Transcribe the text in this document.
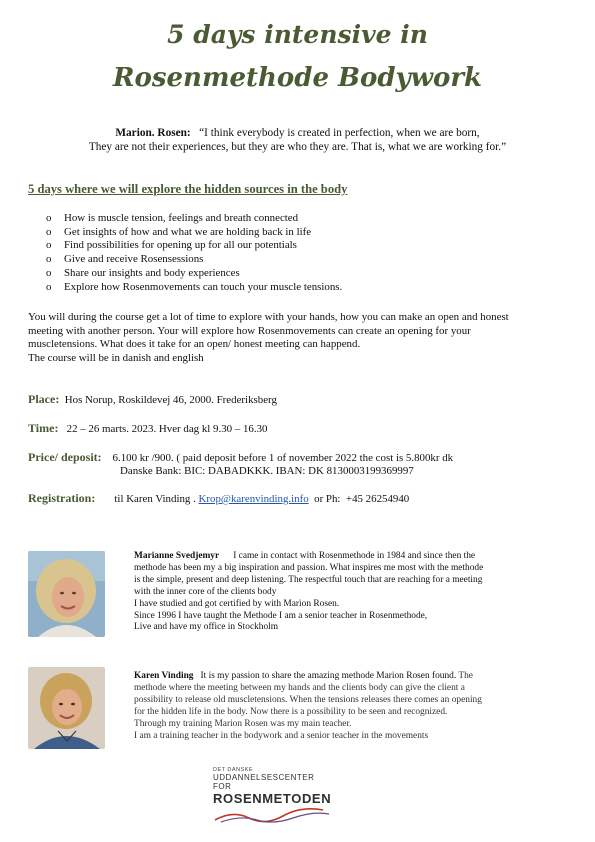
5 days intensive in
Rosenmethode Bodywork
Marion. Rosen: “I think everybody is created in perfection, when we are born,
They are not their experiences, but they are who they are. That is, what we are working for.”
5 days where we will explore the hidden sources in the body
o How is muscle tension, feelings and breath connected
o Get insights of how and what we are holding back in life
o Find possibilities for opening up for all our potentials
o Give and receive Rosensessions
o Share our insights and body experiences
o Explore how Rosenmovements can touch your muscle tensions.
You will during the course get a lot of time to explore with your hands, how you can make an open and honest
meeting with another person. Your will explore how Rosenmovements can create an opening for your
muscletensions. What does it take for an open/ honest meeting can happend.
The course will be in danish and english
Place: Hos Norup, Roskildevej 46, 2000. Frederiksberg
Time: 22 – 26 marts. 2023. Hver dag kl 9.30 – 16.30
Price/ deposit: 6.100 kr /900. ( paid deposit before 1 of november 2022 the cost is 5.800kr dk
Danske Bank: BIC: DABADKKK. IBAN: DK 8130003199369997
Registration: til Karen Vinding . Krop@karenvinding.info or Ph: +45 26254940
Marianne Svedjemyr I came in contact with Rosenmethode in 1984 and since then the
methode has been my a big inspiration and passion. What inspires me most with the methode
is the simple, present and deep listening. The respectful touch that are reaching for a meeting
with the inner core of the clients body
I have studied and got certified by with Marion Rosen.
Since 1996 I have taught the Methode I am a senior teacher in Rosenmethode,
Live and have my office in Stockholm
Karen Vinding It is my passion to share the amazing methode Marion Rosen found. The
methode where the meeting between my hands and the clients body can give the client a
possibility to release old muscletensions. When the tensions releases there comes an opening
for the hidden life in the body. Now there is a possibility to be seen and recognized.
Through my training Marion Rosen was my main teacher.
I am a training teacher in the bodywork and a senior teacher in the movements
DET DANSKE
UDDANNELSESCENTER FOR
ROSENMETODEN
